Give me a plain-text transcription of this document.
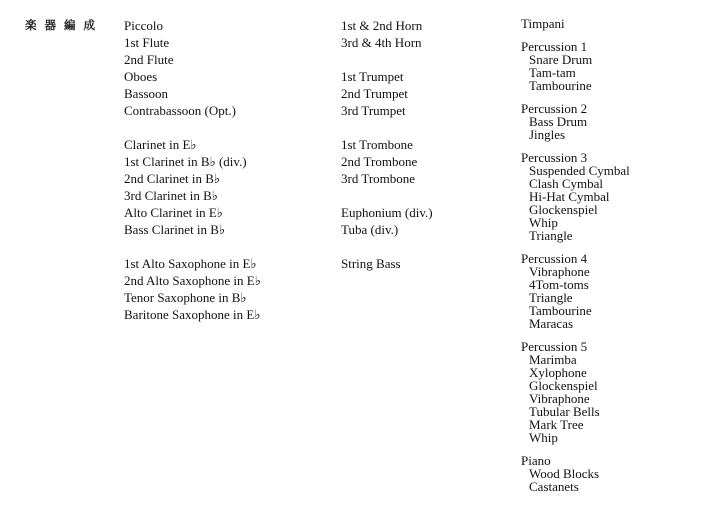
楽 器 編 成 Piccolo
1st Flute
2nd Flute
Oboes
Bassoon
Contrabassoon (Opt.)
Clarinet in E♭
1st Clarinet in B♭ (div.)
2nd Clarinet in B♭
3rd Clarinet in B♭
Alto Clarinet in E♭
Bass Clarinet in B♭
1st Alto Saxophone in E♭
2nd Alto Saxophone in E♭
Tenor Saxophone in B♭
Baritone Saxophone in E♭
1st & 2nd Horn
3rd & 4th Horn
1st Trumpet
2nd Trumpet
3rd Trumpet
1st Trombone
2nd Trombone
3rd Trombone
Euphonium (div.)
Tuba (div.)
String Bass
Timpani
Percussion 1
Snare Drum
Tam-tam
Tambourine
Percussion 2
Bass Drum
Jingles
Percussion 3
Suspended Cymbal
Clash Cymbal
Hi-Hat Cymbal
Glockenspiel
Whip
Triangle
Percussion 4
Vibraphone
4Tom-toms
Triangle
Tambourine
Maracas
Percussion 5
Marimba
Xylophone
Glockenspiel
Vibraphone
Tubular Bells
Mark Tree
Whip
Piano
Wood Blocks
Castanets
